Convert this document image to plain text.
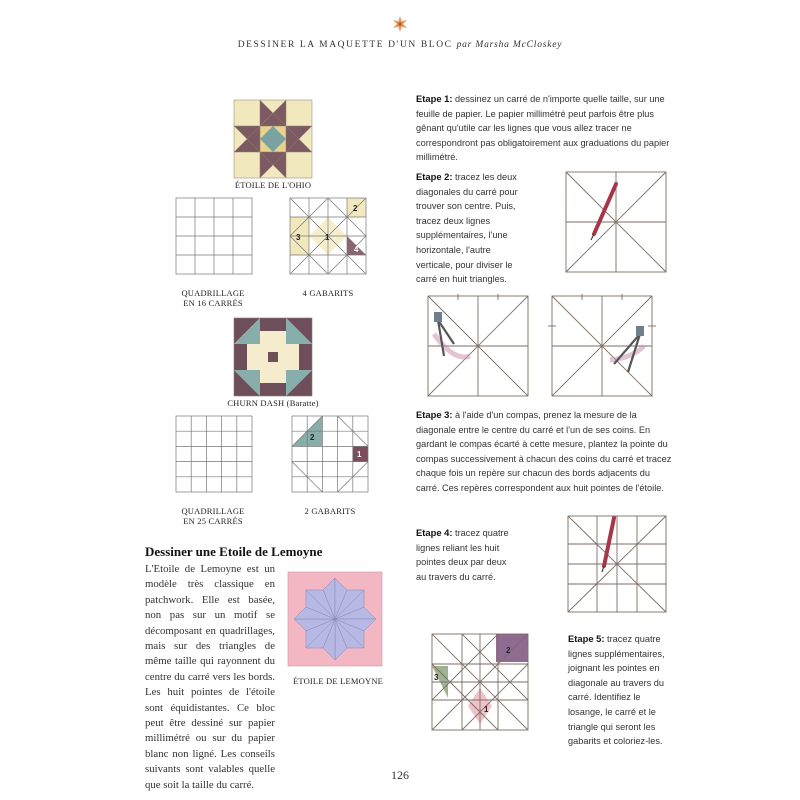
DESSINER LA MAQUETTE D'UN BLOC par Marsha McCloskey
ÉTOILE DE L'OHIO
QUADRILLAGE
EN 16 CARRÉS
3	1
2
4
4 GABARITS
CHURN DASH (Baratte)
QUADRILLAGE
EN 25 CARRÉS
2
1
2 GABARITS
Dessiner une Etoile de Lemoyne
ÉTOILE DE LEMOYNE
L'Etoile de Lemoyne est un modèle très classique en patchwork. Elle est basée, non pas sur un motif se décomposant en quadrillages, mais sur des triangles de même taille qui rayonnent du centre du carré vers les bords. Les huit pointes de l'étoile sont équidistantes. Ce bloc peut être dessiné sur papier millimétré ou sur du papier blanc non ligné. Les conseils suivants sont valables quelle que soit la taille du carré.
Etape 1: dessinez un carré de n'importe quelle taille, sur une feuille de papier. Le papier millimétré peut parfois être plus gênant qu'utile car les lignes que vous allez tracer ne correspondront pas obligatoirement aux graduations du papier millimétré.
Etape 2: tracez les deux diagonales du carré pour trouver son centre. Puis, tracez deux lignes supplémentaires, l'une horizontale, l'autre verticale, pour diviser le carré en huit triangles.
Etape 3: à l'aide d'un compas, prenez la mesure de la diagonale entre le centre du carré et l'un de ses coins. En gardant le compas écarté à cette mesure, plantez la pointe du compas successivement à chacun des coins du carré et tracez chaque fois un repère sur chacun des bords adjacents du carré. Ces repères correspondent aux huit pointes de l'étoile.
Etape 4: tracez quatre lignes reliant les huit pointes deux par deux au travers du carré.
2
3
1
Etape 5: tracez quatre lignes supplémentaires, joignant les pointes en diagonale au travers du carré. Identifiez le losange, le carré et le triangle qui seront les gabarits et coloriez-les.
126
